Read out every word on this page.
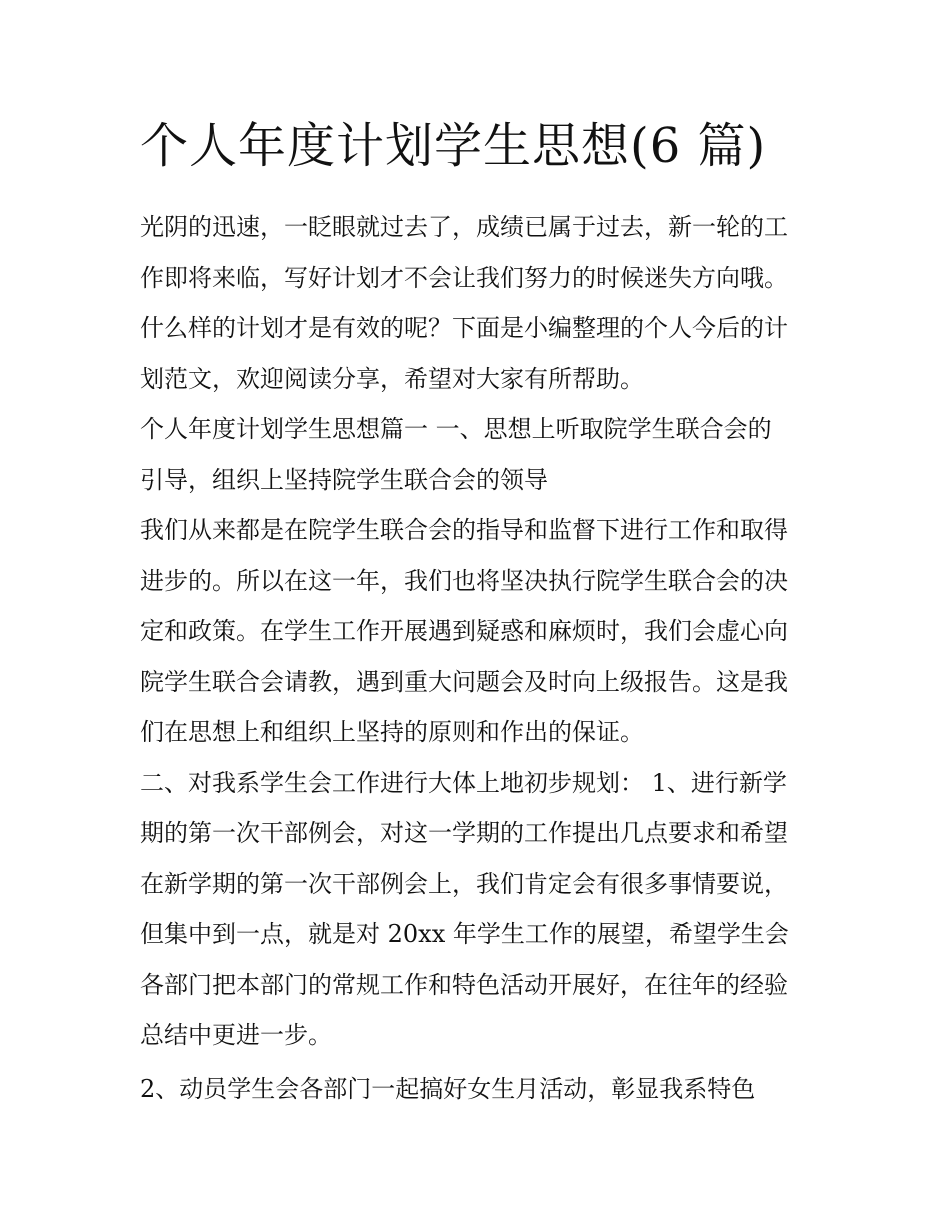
个人年度计划学生思想(6 篇)

光阴的迅速，一眨眼就过去了，成绩已属于过去，新一轮的工
作即将来临，写好计划才不会让我们努力的时候迷失方向哦。
什么样的计划才是有效的呢？下面是小编整理的个人今后的计
划范文，欢迎阅读分享，希望对大家有所帮助。

个人年度计划学生思想篇一 一、思想上听取院学生联合会的
引导，组织上坚持院学生联合会的领导

我们从来都是在院学生联合会的指导和监督下进行工作和取得
进步的。所以在这一年，我们也将坚决执行院学生联合会的决
定和政策。在学生工作开展遇到疑惑和麻烦时，我们会虚心向
院学生联合会请教，遇到重大问题会及时向上级报告。这是我
们在思想上和组织上坚持的原则和作出的保证。

二、对我系学生会工作进行大体上地初步规划： 1、进行新学
期的第一次干部例会，对这一学期的工作提出几点要求和希望
在新学期的第一次干部例会上，我们肯定会有很多事情要说，
但集中到一点，就是对 20xx 年学生工作的展望，希望学生会
各部门把本部门的常规工作和特色活动开展好，在往年的经验
总结中更进一步。

2、动员学生会各部门一起搞好女生月活动，彰显我系特色
